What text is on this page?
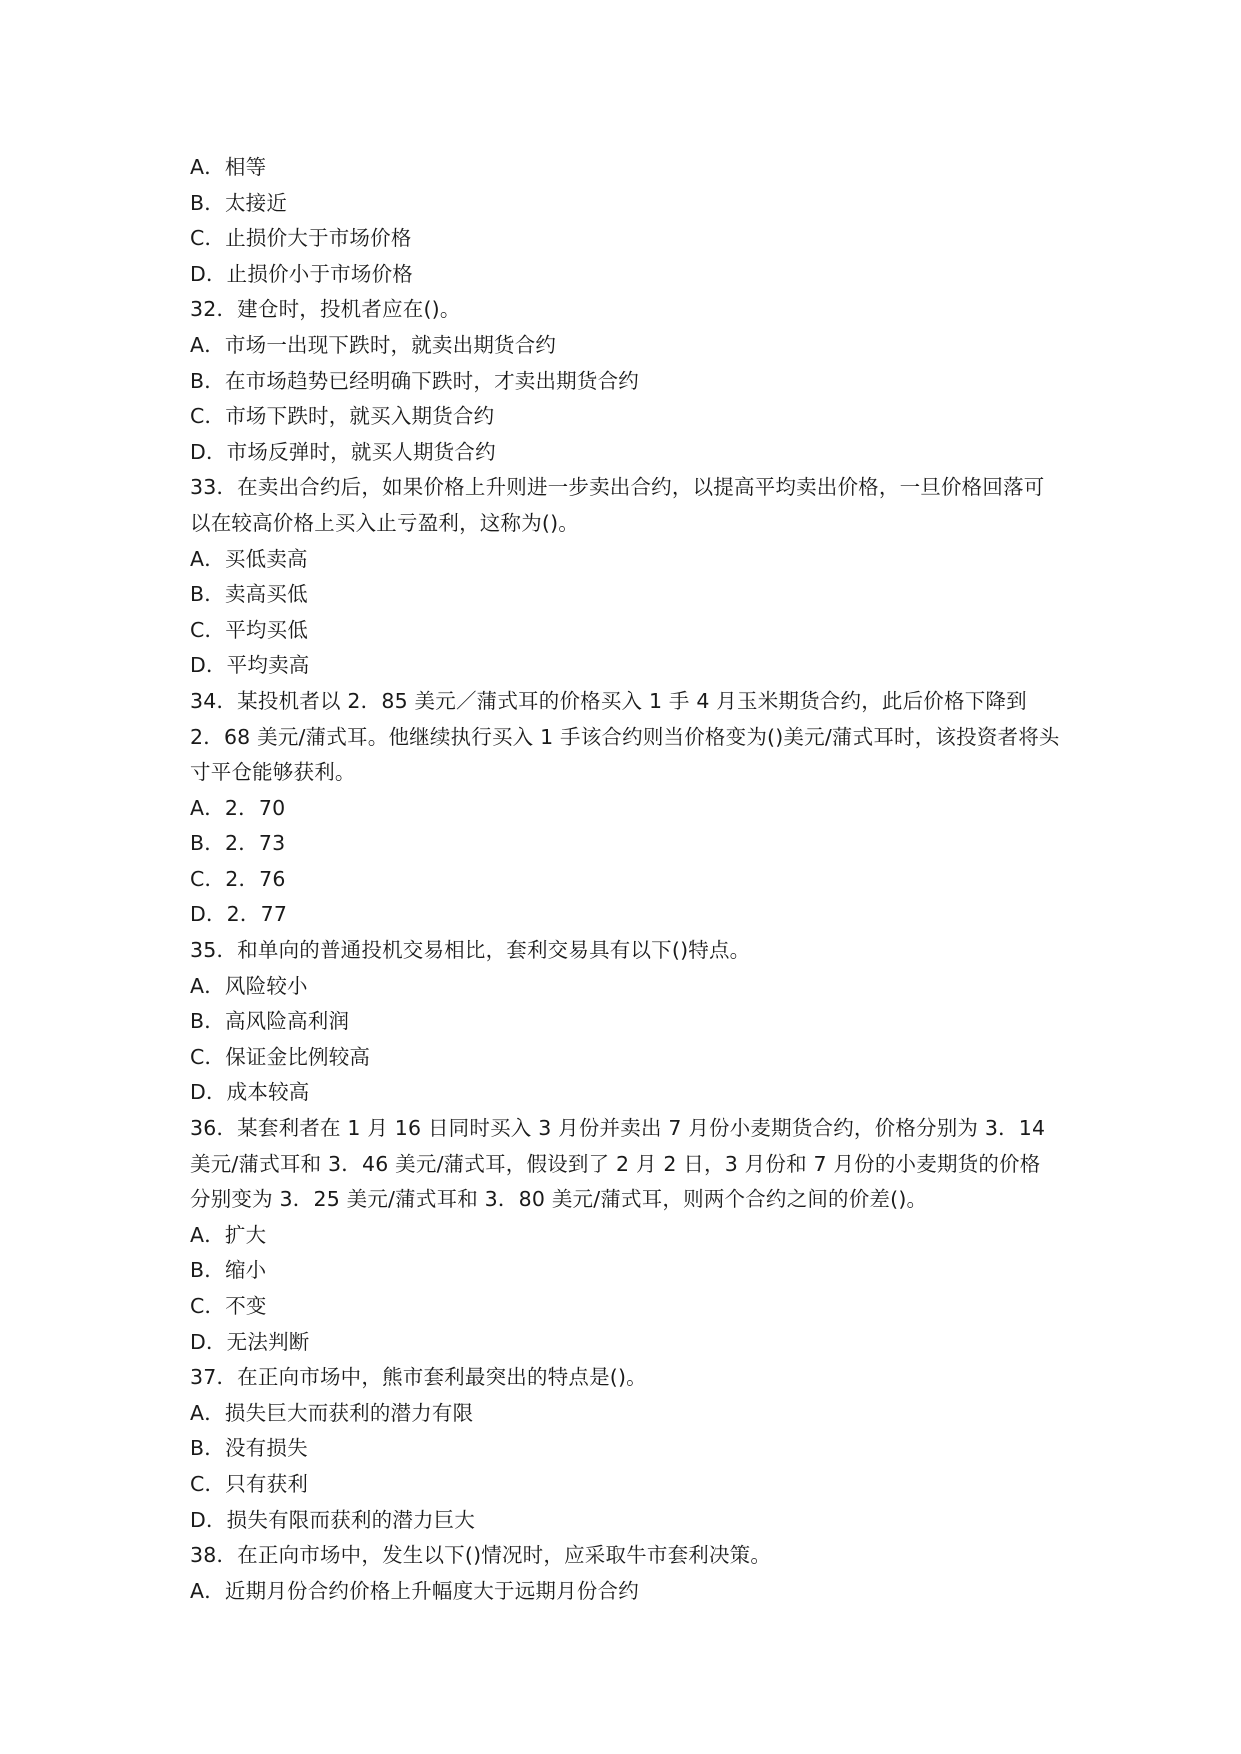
A．相等
B．太接近
C．止损价大于市场价格
D．止损价小于市场价格
32．建仓时，投机者应在()。
A．市场一出现下跌时，就卖出期货合约
B．在市场趋势已经明确下跌时，才卖出期货合约
C．市场下跌时，就买入期货合约
D．市场反弹时，就买人期货合约
33．在卖出合约后，如果价格上升则进一步卖出合约，以提高平均卖出价格，一旦价格回落可以在较高价格上买入止亏盈利，这称为()。
A．买低卖高
B．卖高买低
C．平均买低
D．平均卖高
34．某投机者以 2．85 美元／蒲式耳的价格买入 1 手 4 月玉米期货合约，此后价格下降到 2．68 美元/蒲式耳。他继续执行买入 1 手该合约则当价格变为()美元/蒲式耳时，该投资者将头寸平仓能够获利。
A．2．70
B．2．73
C．2．76
D．2．77
35．和单向的普通投机交易相比，套利交易具有以下()特点。
A．风险较小
B．高风险高利润
C．保证金比例较高
D．成本较高
36．某套利者在 1 月 16 日同时买入 3 月份并卖出 7 月份小麦期货合约，价格分别为 3．14 美元/蒲式耳和 3．46 美元/蒲式耳，假设到了 2 月 2 日，3 月份和 7 月份的小麦期货的价格分别变为 3．25 美元/蒲式耳和 3．80 美元/蒲式耳，则两个合约之间的价差()。
A．扩大
B．缩小
C．不变
D．无法判断
37．在正向市场中，熊市套利最突出的特点是()。
A．损失巨大而获利的潜力有限
B．没有损失
C．只有获利
D．损失有限而获利的潜力巨大
38．在正向市场中，发生以下()情况时，应采取牛市套利决策。
A．近期月份合约价格上升幅度大于远期月份合约
